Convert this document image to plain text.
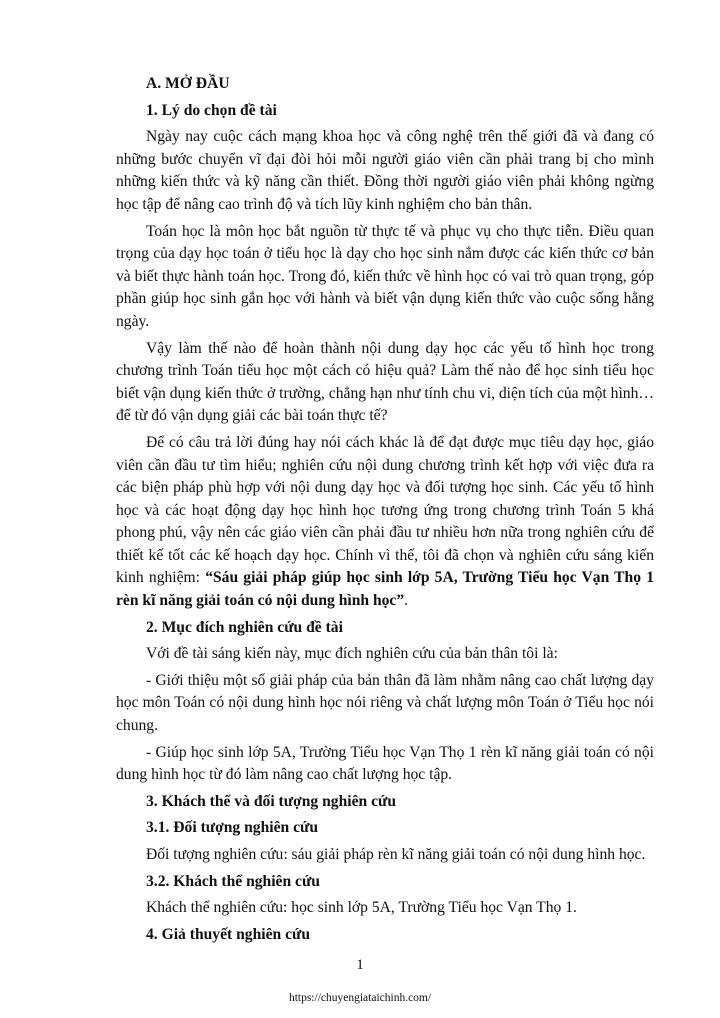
A. MỞ ĐẦU

1. Lý do chọn đề tài

Ngày nay cuộc cách mạng khoa học và công nghệ trên thế giới đã và đang có những bước chuyển vĩ đại đòi hỏi mỗi người giáo viên cần phải trang bị cho mình những kiến thức và kỹ năng cần thiết. Đồng thời người giáo viên phải không ngừng học tập để nâng cao trình độ và tích lũy kinh nghiệm cho bản thân.

Toán học là môn học bắt nguồn từ thực tế và phục vụ cho thực tiễn. Điều quan trọng của dạy học toán ở tiểu học là dạy cho học sinh nắm được các kiến thức cơ bản và biết thực hành toán học. Trong đó, kiến thức về hình học có vai trò quan trọng, góp phần giúp học sinh gắn học với hành và biết vận dụng kiến thức vào cuộc sống hằng ngày.

Vậy làm thế nào để hoàn thành nội dung dạy học các yếu tố hình học trong chương trình Toán tiểu học một cách có hiệu quả? Làm thế nào để học sinh tiểu học biết vận dụng kiến thức ở trường, chẳng hạn như tính chu vi, diện tích của một hình… để từ đó vận dụng giải các bài toán thực tế?

Để có câu trả lời đúng hay nói cách khác là để đạt được mục tiêu dạy học, giáo viên cần đầu tư tìm hiểu; nghiên cứu nội dung chương trình kết hợp với việc đưa ra các biện pháp phù hợp với nội dung dạy học và đối tượng học sinh. Các yếu tố hình học và các hoạt động dạy học hình học tương ứng trong chương trình Toán 5 khá phong phú, vậy nên các giáo viên cần phải đầu tư nhiều hơn nữa trong nghiên cứu để thiết kế tốt các kế hoạch dạy học. Chính vì thế, tôi đã chọn và nghiên cứu sáng kiến kinh nghiệm: “Sáu giải pháp giúp học sinh lớp 5A, Trường Tiểu học Vạn Thọ 1 rèn kĩ năng giải toán có nội dung hình học”.

2. Mục đích nghiên cứu đề tài

Với đề tài sáng kiến này, mục đích nghiên cứu của bản thân tôi là:

- Giới thiệu một số giải pháp của bản thân đã làm nhằm nâng cao chất lượng dạy học môn Toán có nội dung hình học nói riêng và chất lượng môn Toán ở Tiểu học nói chung.

- Giúp học sinh lớp 5A, Trường Tiểu học Vạn Thọ 1 rèn kĩ năng giải toán có nội dung hình học từ đó làm nâng cao chất lượng học tập.

3. Khách thể và đối tượng nghiên cứu

3.1. Đối tượng nghiên cứu

Đối tượng nghiên cứu: sáu giải pháp rèn kĩ năng giải toán có nội dung hình học.

3.2. Khách thể nghiên cứu

Khách thể nghiên cứu: học sinh lớp 5A, Trường Tiểu học Vạn Thọ 1.

4. Giả thuyết nghiên cứu

1
https://chuyengiataichinh.com/
